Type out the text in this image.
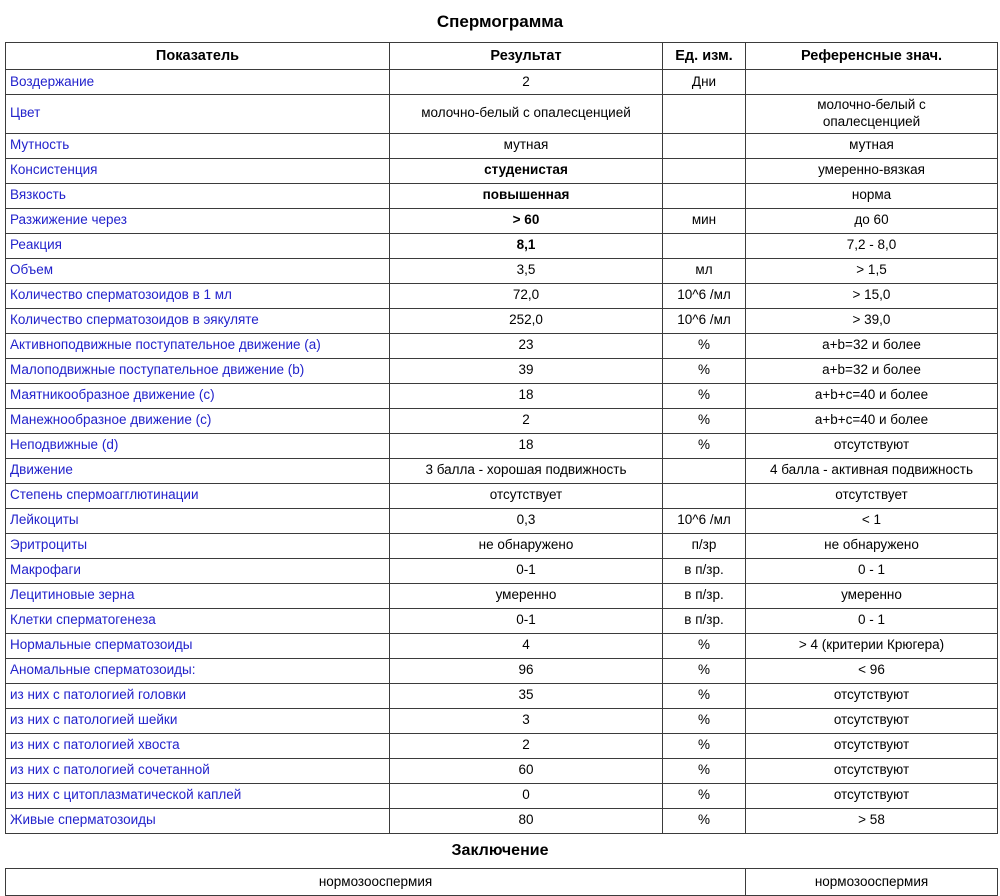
Спермограмма
Показатель	Результат	Ед. изм.	Референсные знач.
Воздержание	2	Дни	
Цвет	молочно-белый с опалесценцией		молочно-белый с опалесценцией
Мутность	мутная		мутная
Консистенция	студенистая		умеренно-вязкая
Вязкость	повышенная		норма
Разжижение через	> 60	мин	до 60
Реакция	8,1		7,2 - 8,0
Объем	3,5	мл	> 1,5
Количество сперматозоидов в 1 мл	72,0	10^6 /мл	> 15,0
Количество сперматозоидов в эякуляте	252,0	10^6 /мл	> 39,0
Активноподвижные поступательное движение (a)	23	%	a+b=32 и более
Малоподвижные поступательное движение (b)	39	%	a+b=32 и более
Маятникообразное движение (c)	18	%	a+b+c=40 и более
Манежнообразное движение (c)	2	%	a+b+c=40 и более
Неподвижные (d)	18	%	отсутствуют
Движение	3 балла - хорошая подвижность		4 балла - активная подвижность
Степень спермоагглютинации	отсутствует		отсутствует
Лейкоциты	0,3	10^6 /мл	< 1
Эритроциты	не обнаружено	п/зр	не обнаружено
Макрофаги	0-1	в п/зр.	0 - 1
Лецитиновые зерна	умеренно	в п/зр.	умеренно
Клетки сперматогенеза	0-1	в п/зр.	0 - 1
Нормальные сперматозоиды	4	%	> 4 (критерии Крюгера)
Аномальные сперматозоиды:	96	%	< 96
из них с патологией головки	35	%	отсутствуют
из них с патологией шейки	3	%	отсутствуют
из них с патологией хвоста	2	%	отсутствуют
из них с патологией сочетанной	60	%	отсутствуют
из них с цитоплазматической каплей	0	%	отсутствуют
Живые сперматозоиды	80	%	> 58
Заключение
нормозооспермия	нормозооспермия
